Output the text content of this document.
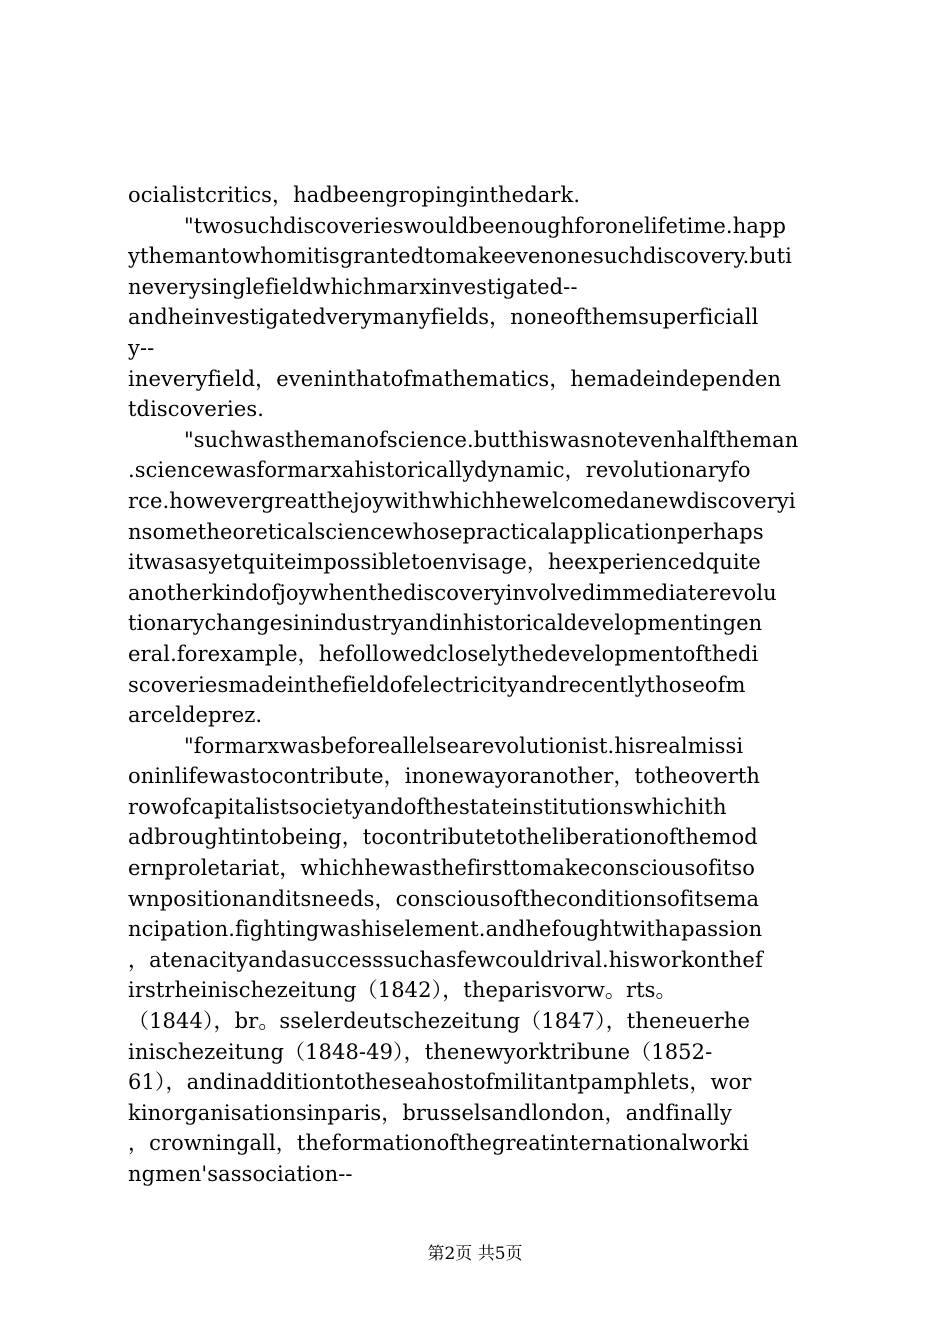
ocialistcritics，hadbeengropinginthedark.
"twosuchdiscoverieswouldbeenoughforonelifetime.happ
ythemantowhomitisgrantedtomakeevenonesuchdiscovery.buti
neverysinglefieldwhichmarxinvestigated--
andheinvestigatedverymanyfields，noneofthemsuperficiall
y--
ineveryfield，eveninthatofmathematics，hemadeindependen
tdiscoveries.
"suchwasthemanofscience.butthiswasnotevenhalftheman
.sciencewasformarxahistoricallydynamic，revolutionaryfo
rce.howevergreatthejoywithwhichhewelcomedanewdiscoveryi
nsometheoreticalsciencewhosepracticalapplicationperhaps
itwasasyetquiteimpossibletoenvisage，heexperiencedquite
anotherkindofjoywhenthediscoveryinvolvedimmediaterevolu
tionarychangesinindustryandinhistoricaldevelopmentingen
eral.forexample，hefollowedcloselythedevelopmentofthedi
scoveriesmadeinthefieldofelectricityandrecentlythoseofm
arceldeprez.
"formarxwasbeforeallelsearevolutionist.hisrealmissi
oninlifewastocontribute，inonewayoranother，totheoverth
rowofcapitalistsocietyandofthestateinstitutionswhichith
adbroughtintobeing，tocontributetotheliberationofthemod
ernproletariat，whichhewasthefirsttomakeconsciousofitso
wnpositionanditsneeds，consciousoftheconditionsofitsema
ncipation.fightingwashiselement.andhefoughtwithapassion
，atenacityandasuccesssuchasfewcouldrival.hisworkonthef
irstrheinischezeitung（1842），theparisvorw。rts。
（1844），br。sselerdeutschezeitung（1847），theneuerhe
inischezeitung（1848-49），thenewyorktribune（1852-
61），andinadditiontotheseahostofmilitantpamphlets，wor
kinorganisationsinparis，brusselsandlondon，andfinally
，crowningall，theformationofthegreatinternationalworki
ngmen'sassociation--
第2页 共5页
